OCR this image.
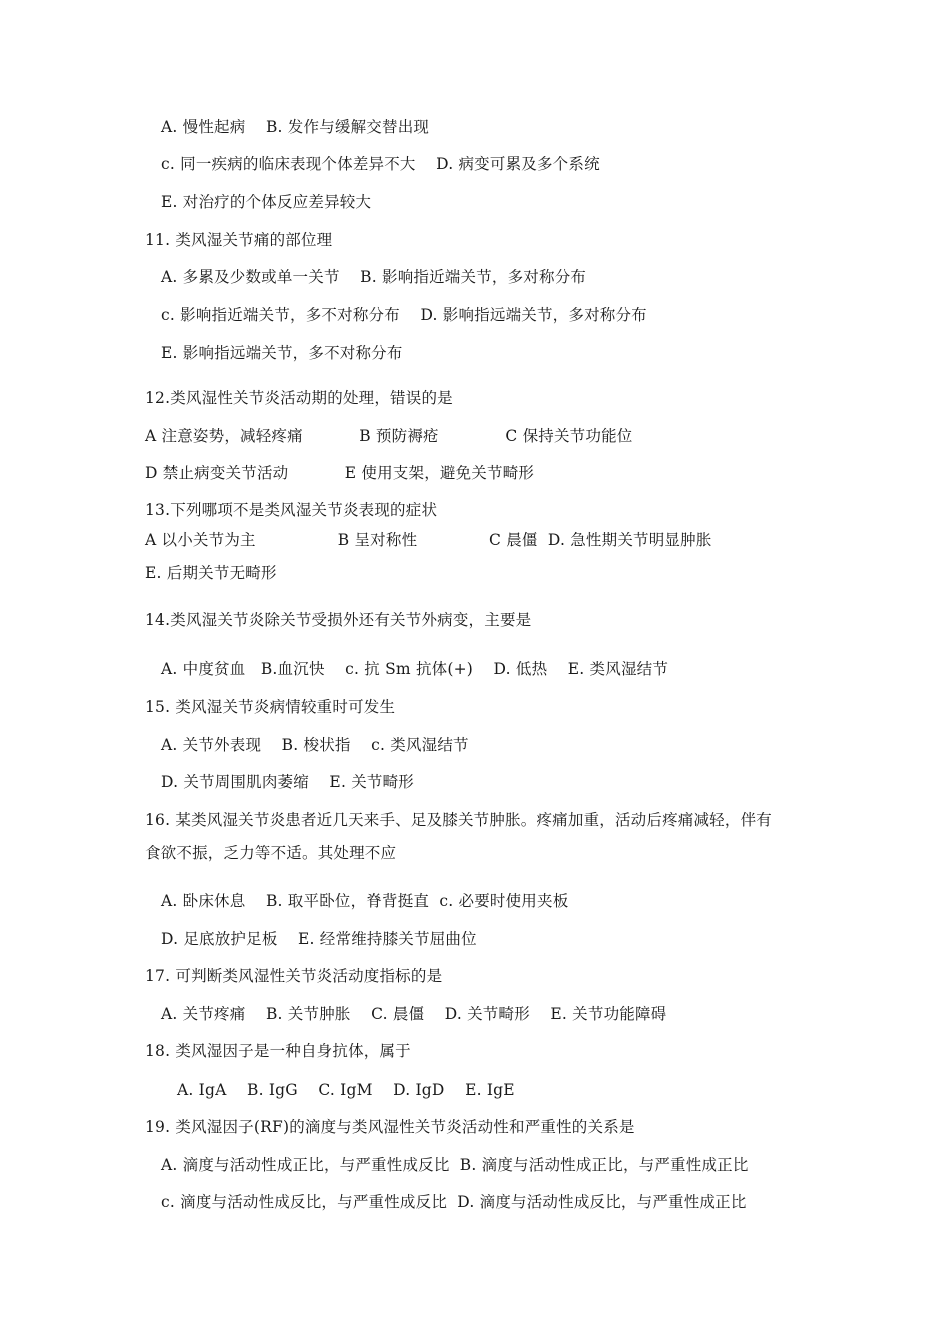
A. 慢性起病    B. 发作与缓解交替出现
c. 同一疾病的临床表现个体差异不大    D. 病变可累及多个系统
E. 对治疗的个体反应差异较大
11. 类风湿关节痛的部位理
A. 多累及少数或单一关节    B. 影响指近端关节，多对称分布
c. 影响指近端关节，多不对称分布    D. 影响指远端关节，多对称分布
E. 影响指远端关节，多不对称分布
12.类风湿性关节炎活动期的处理，错误的是
A 注意姿势，减轻疼痛           B 预防褥疮             C 保持关节功能位
D 禁止病变关节活动           E 使用支架，避免关节畸形
13.下列哪项不是类风湿关节炎表现的症状
A 以小关节为主                B 呈对称性              C 晨僵  D. 急性期关节明显肿胀
E. 后期关节无畸形
14.类风湿关节炎除关节受损外还有关节外病变，主要是
A. 中度贫血   B.血沉快    c. 抗 Sm 抗体(+)    D. 低热    E. 类风湿结节
15. 类风湿关节炎病情较重时可发生
A. 关节外表现    B. 梭状指    c. 类风湿结节
D. 关节周围肌肉萎缩    E. 关节畸形
16. 某类风湿关节炎患者近几天来手、足及膝关节肿胀。疼痛加重，活动后疼痛减轻，伴有
食欲不振，乏力等不适。其处理不应
A. 卧床休息    B. 取平卧位，脊背挺直  c. 必要时使用夹板
D. 足底放护足板    E. 经常维持膝关节屈曲位
17. 可判断类风湿性关节炎活动度指标的是
A. 关节疼痛    B. 关节肿胀    C. 晨僵    D. 关节畸形    E. 关节功能障碍
18. 类风湿因子是一种自身抗体，属于
A. IgA    B. IgG    C. IgM    D. IgD    E. IgE
19. 类风湿因子(RF)的滴度与类风湿性关节炎活动性和严重性的关系是
A. 滴度与活动性成正比，与严重性成反比  B. 滴度与活动性成正比，与严重性成正比
c. 滴度与活动性成反比，与严重性成反比  D. 滴度与活动性成反比，与严重性成正比
